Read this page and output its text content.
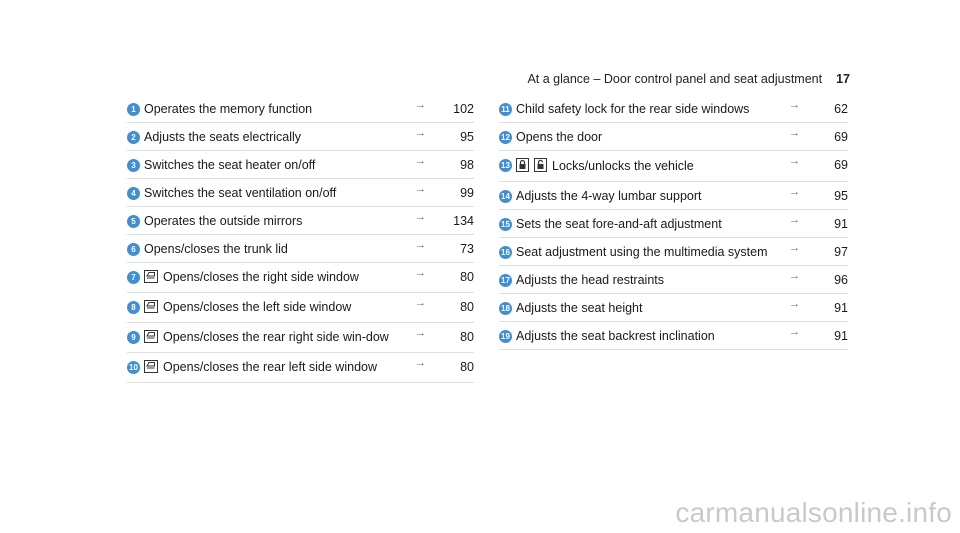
At a glance – Door control panel and seat adjustment 17
1 Operates the memory function	→	102
2 Adjusts the seats electrically	→	95
3 Switches the seat heater on/off	→	98
4 Switches the seat ventilation on/off	→	99
5 Operates the outside mirrors	→	134
6 Opens/closes the trunk lid	→	73
7	Opens/closes the right side window	→	80
8	Opens/closes the left side window	→	80
9	Opens/closes the rear right side win-dow	→	80
10	Opens/closes the rear left side window	→	80
11 Child safety lock for the rear side windows	→	62
12 Opens the door	→	69
13	Locks/unlocks the vehicle	→	69
14 Adjusts the 4-way lumbar support	→	95
15 Sets the seat fore-and-aft adjustment	→	91
16 Seat adjustment using the multimedia system →	97
17 Adjusts the head restraints	→	96
18 Adjusts the seat height	→	91
19 Adjusts the seat backrest inclination	→	91
carmanualsonline.info
